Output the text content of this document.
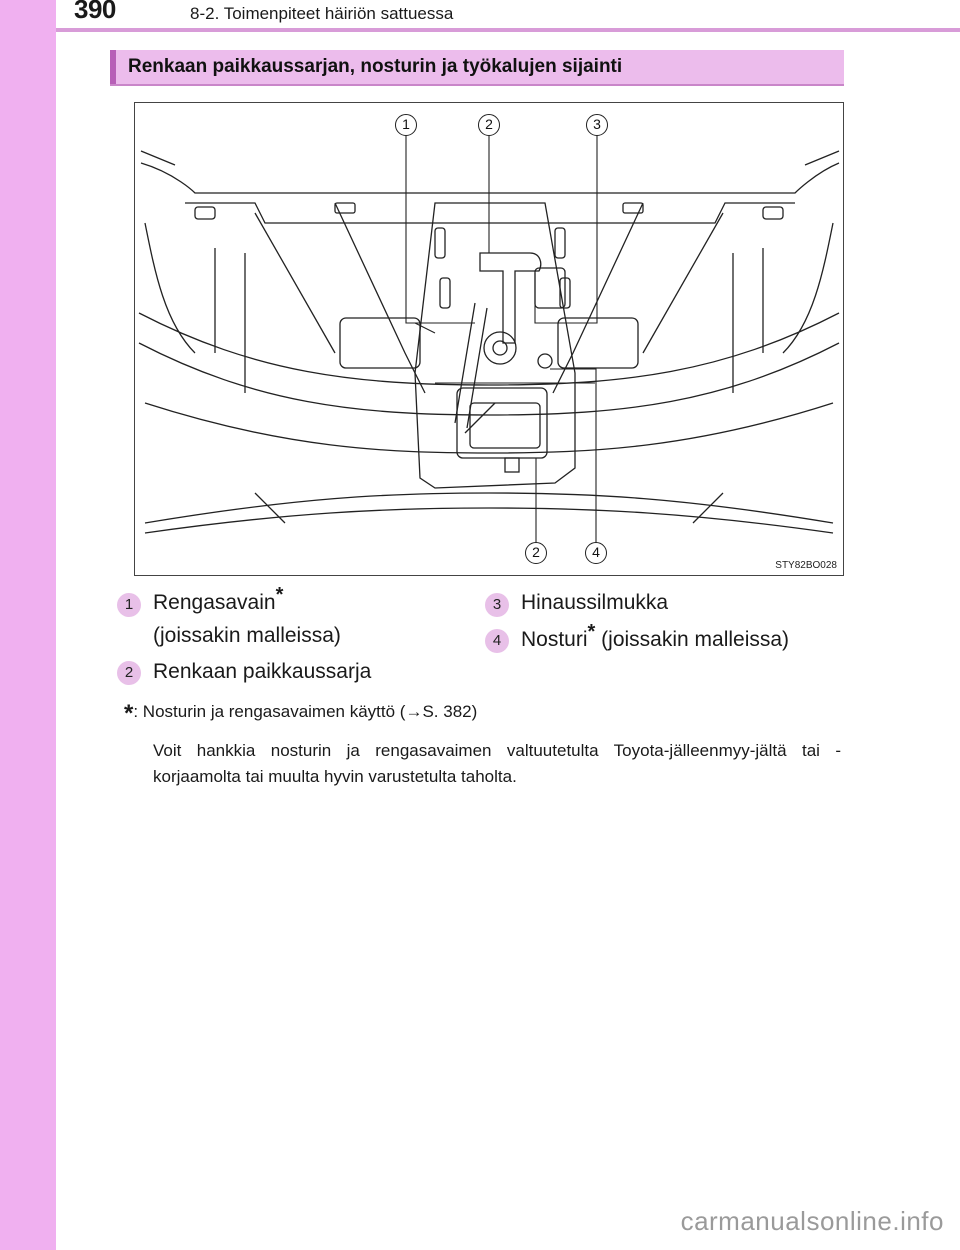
390	8-2. Toimenpiteet häiriön sattuessa
Renkaan paikkaussarjan, nosturin ja työkalujen sijainti
1	2	3
2	4
STY82BO028
1 Rengasavain*
(joissakin malleissa)
2 Renkaan paikkaussarja
3 Hinaussilmukka
4 Nosturi* (joissakin malleissa)
*: Nosturin ja rengasavaimen käyttö (→S. 382)
Voit hankkia nosturin ja rengasavaimen valtuutetulta Toyota-jälleenmyy-jältä tai -korjaamolta tai muulta hyvin varustetulta taholta.
carmanualsonline.info
